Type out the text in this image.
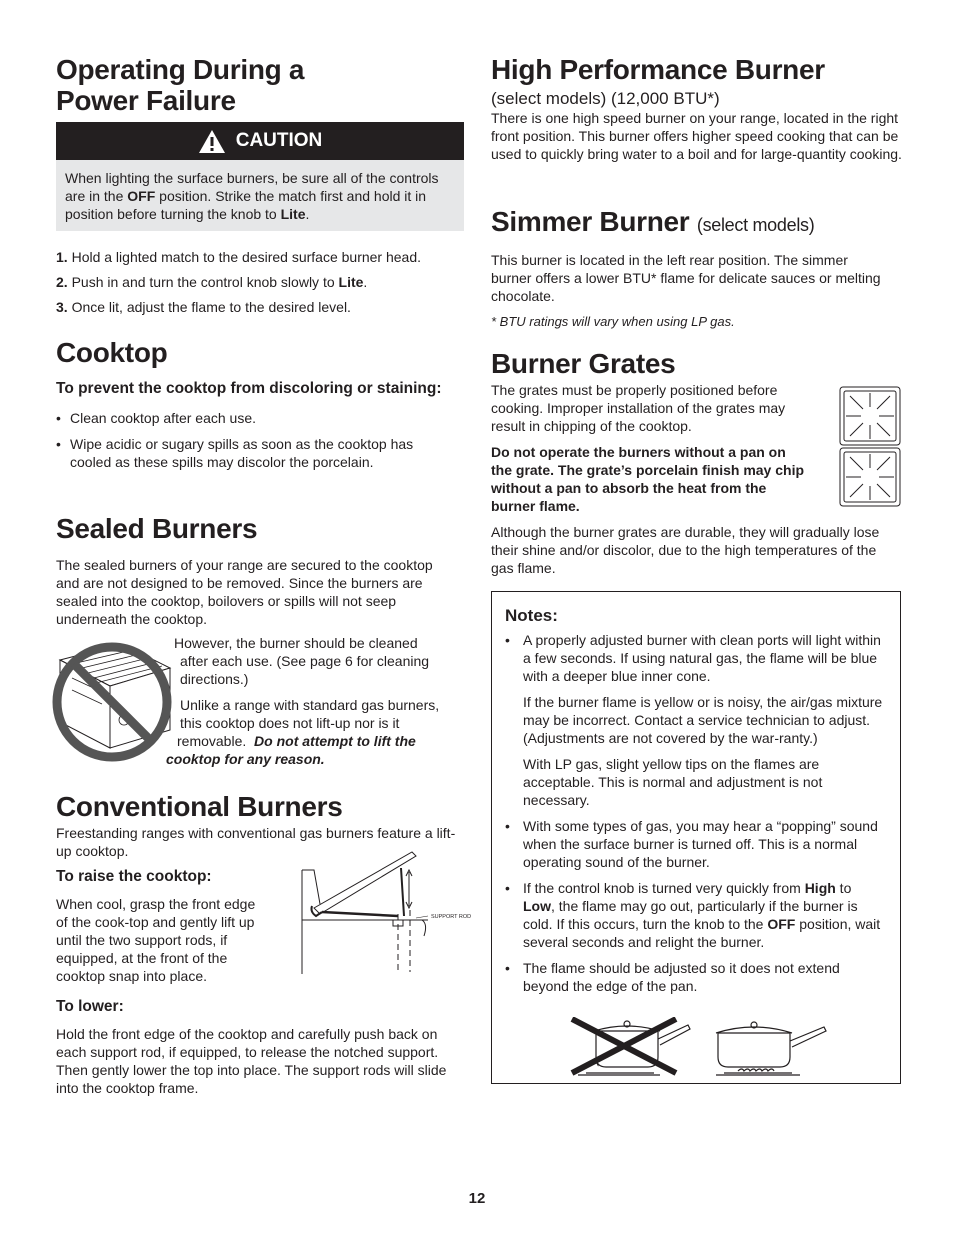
Operating During a
Power Failure
CAUTION
When lighting the surface burners, be sure all of the controls are in the OFF position. Strike the match first and hold it in position before turning the knob to Lite.
1. Hold a lighted match to the desired surface burner head.
2. Push in and turn the control knob slowly to Lite.
3. Once lit, adjust the flame to the desired level.
Cooktop
To prevent the cooktop from discoloring or staining:
• Clean cooktop after each use.
• Wipe acidic or sugary spills as soon as the cooktop has cooled as these spills may discolor the porcelain.
Sealed Burners

The sealed burners of your range are secured to the cooktop and are not designed to be removed. Since the burners are sealed into the cooktop, boilovers or spills will not seep underneath the cooktop.

However, the burner should be cleaned
after each use. (See page 6 for cleaning
directions.)
Unlike a range with standard gas burners,
this cooktop does not lift-up nor is it
removable. Do not attempt to lift the
cooktop for any reason.
Conventional Burners

Freestanding ranges with conventional gas burners feature a lift-up cooktop.

To raise the cooktop:
When cool, grasp the front edge
of the cook-top and gently lift up
until the two support rods, if
equipped, at the front of the
cooktop snap into place.
To lower:

Hold the front edge of the cooktop and carefully push back on each support rod, if equipped, to release the notched support. Then gently lower the top into place. The support rods will slide into the cooktop frame.

SUPPORT ROD
High Performance Burner
(select models) (12,000 BTU*)

There is one high speed burner on your range, located in the right front position. This burner offers higher speed cooking that can be used to quickly bring water to a boil and for large-quantity cooking.

Simmer Burner (select models)

This burner is located in the left rear position. The simmer burner offers a lower BTU* flame for delicate sauces or melting chocolate.

* BTU ratings will vary when using LP gas.

Burner Grates
The grates must be properly positioned before
cooking. Improper installation of the grates may
result in chipping of the cooktop.
Do not operate the burners without a pan on
the grate. The grate’s porcelain finish may chip
without a pan to absorb the heat from the
burner flame.

Although the burner grates are durable, they will gradually lose their shine and/or discolor, due to the high temperatures of the gas flame.

Notes:
• A properly adjusted burner with clean ports will light within a few seconds. If using natural gas, the flame will be blue with a deeper blue inner cone.
If the burner flame is yellow or is noisy, the air/gas mixture may be incorrect. Contact a service technician to adjust. (Adjustments are not covered by the war-ranty.)
With LP gas, slight yellow tips on the flames are acceptable. This is normal and adjustment is not necessary.
• With some types of gas, you may hear a “popping” sound when the surface burner is turned off. This is a normal operating sound of the burner.
• If the control knob is turned very quickly from High to Low, the flame may go out, particularly if the burner is cold. If this occurs, turn the knob to the OFF position, wait several seconds and relight the burner.
• The flame should be adjusted so it does not extend beyond the edge of the pan.
12
